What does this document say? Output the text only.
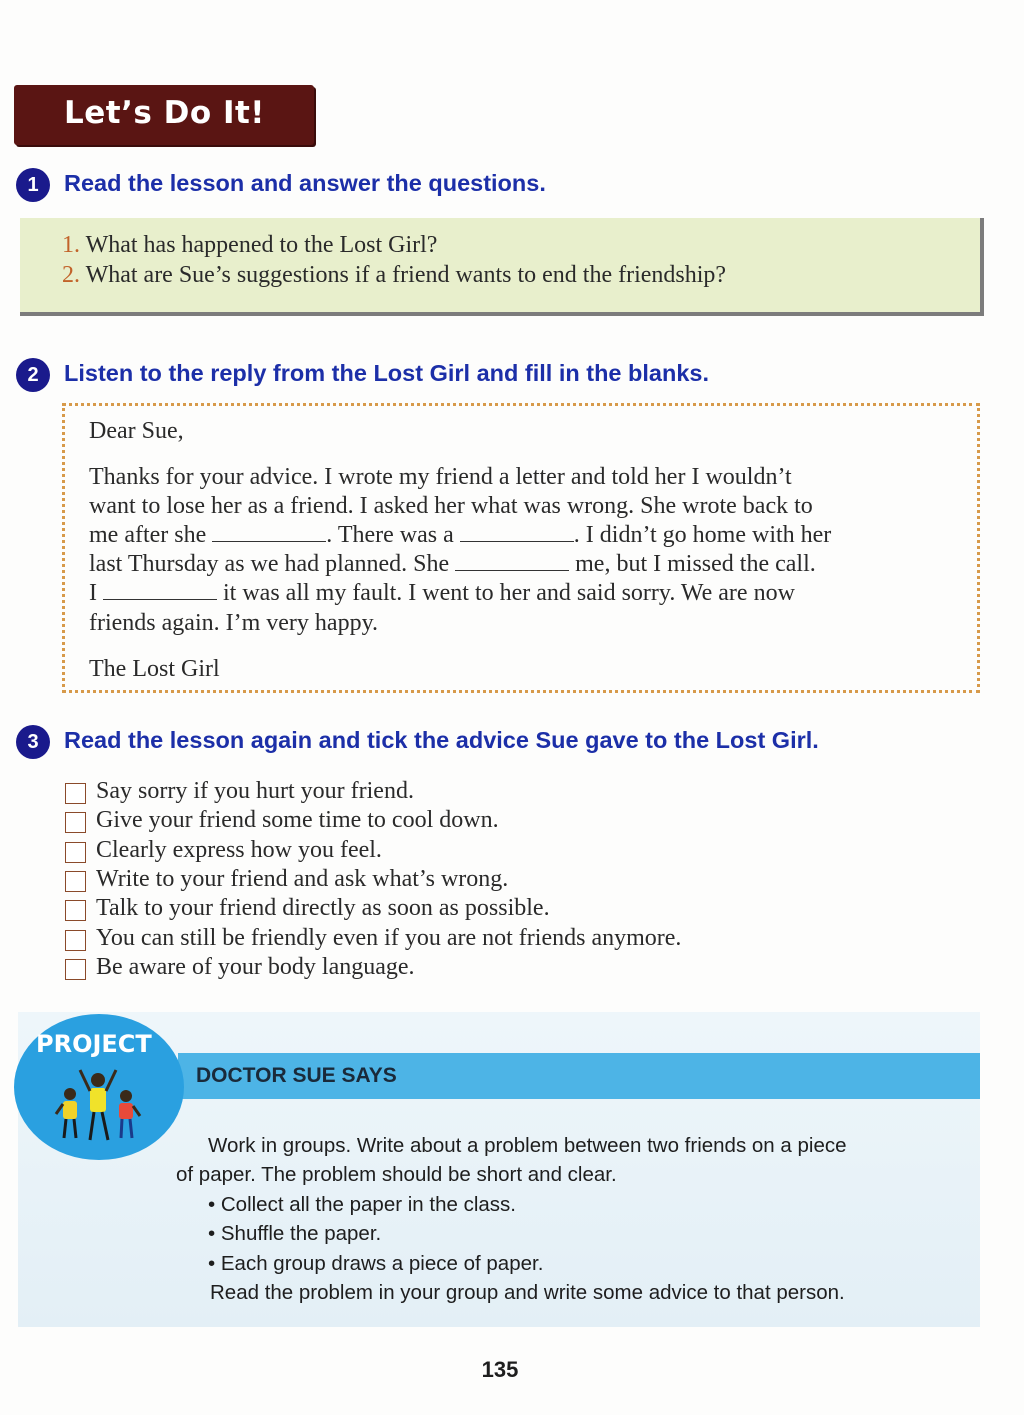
Let’s Do It!
1	Read the lesson and answer the questions.
1. What has happened to the Lost Girl?
2. What are Sue’s suggestions if a friend wants to end the friendship?
2	Listen to the reply from the Lost Girl and fill in the blanks.
Dear Sue,
Thanks for your advice. I wrote my friend a letter and told her I wouldn’t
want to lose her as a friend. I asked her what was wrong. She wrote back to
me after she	. There was a	. I didn’t go home with her
last Thursday as we had planned. She	me, but I missed the call.
I	it was all my fault. I went to her and said sorry. We are now
friends again. I’m very happy.
The Lost Girl
3	Read the lesson again and tick the advice Sue gave to the Lost Girl.
Say sorry if you hurt your friend.
Give your friend some time to cool down.
Clearly express how you feel.
Write to your friend and ask what’s wrong.
Talk to your friend directly as soon as possible.
You can still be friendly even if you are not friends anymore.
Be aware of your body language.
DOCTOR SUE SAYS
PROJECT
Work in groups. Write about a problem between two friends on a piece
of paper. The problem should be short and clear.
• Collect all the paper in the class.
• Shuffle the paper.
• Each group draws a piece of paper.
Read the problem in your group and write some advice to that person.
135
